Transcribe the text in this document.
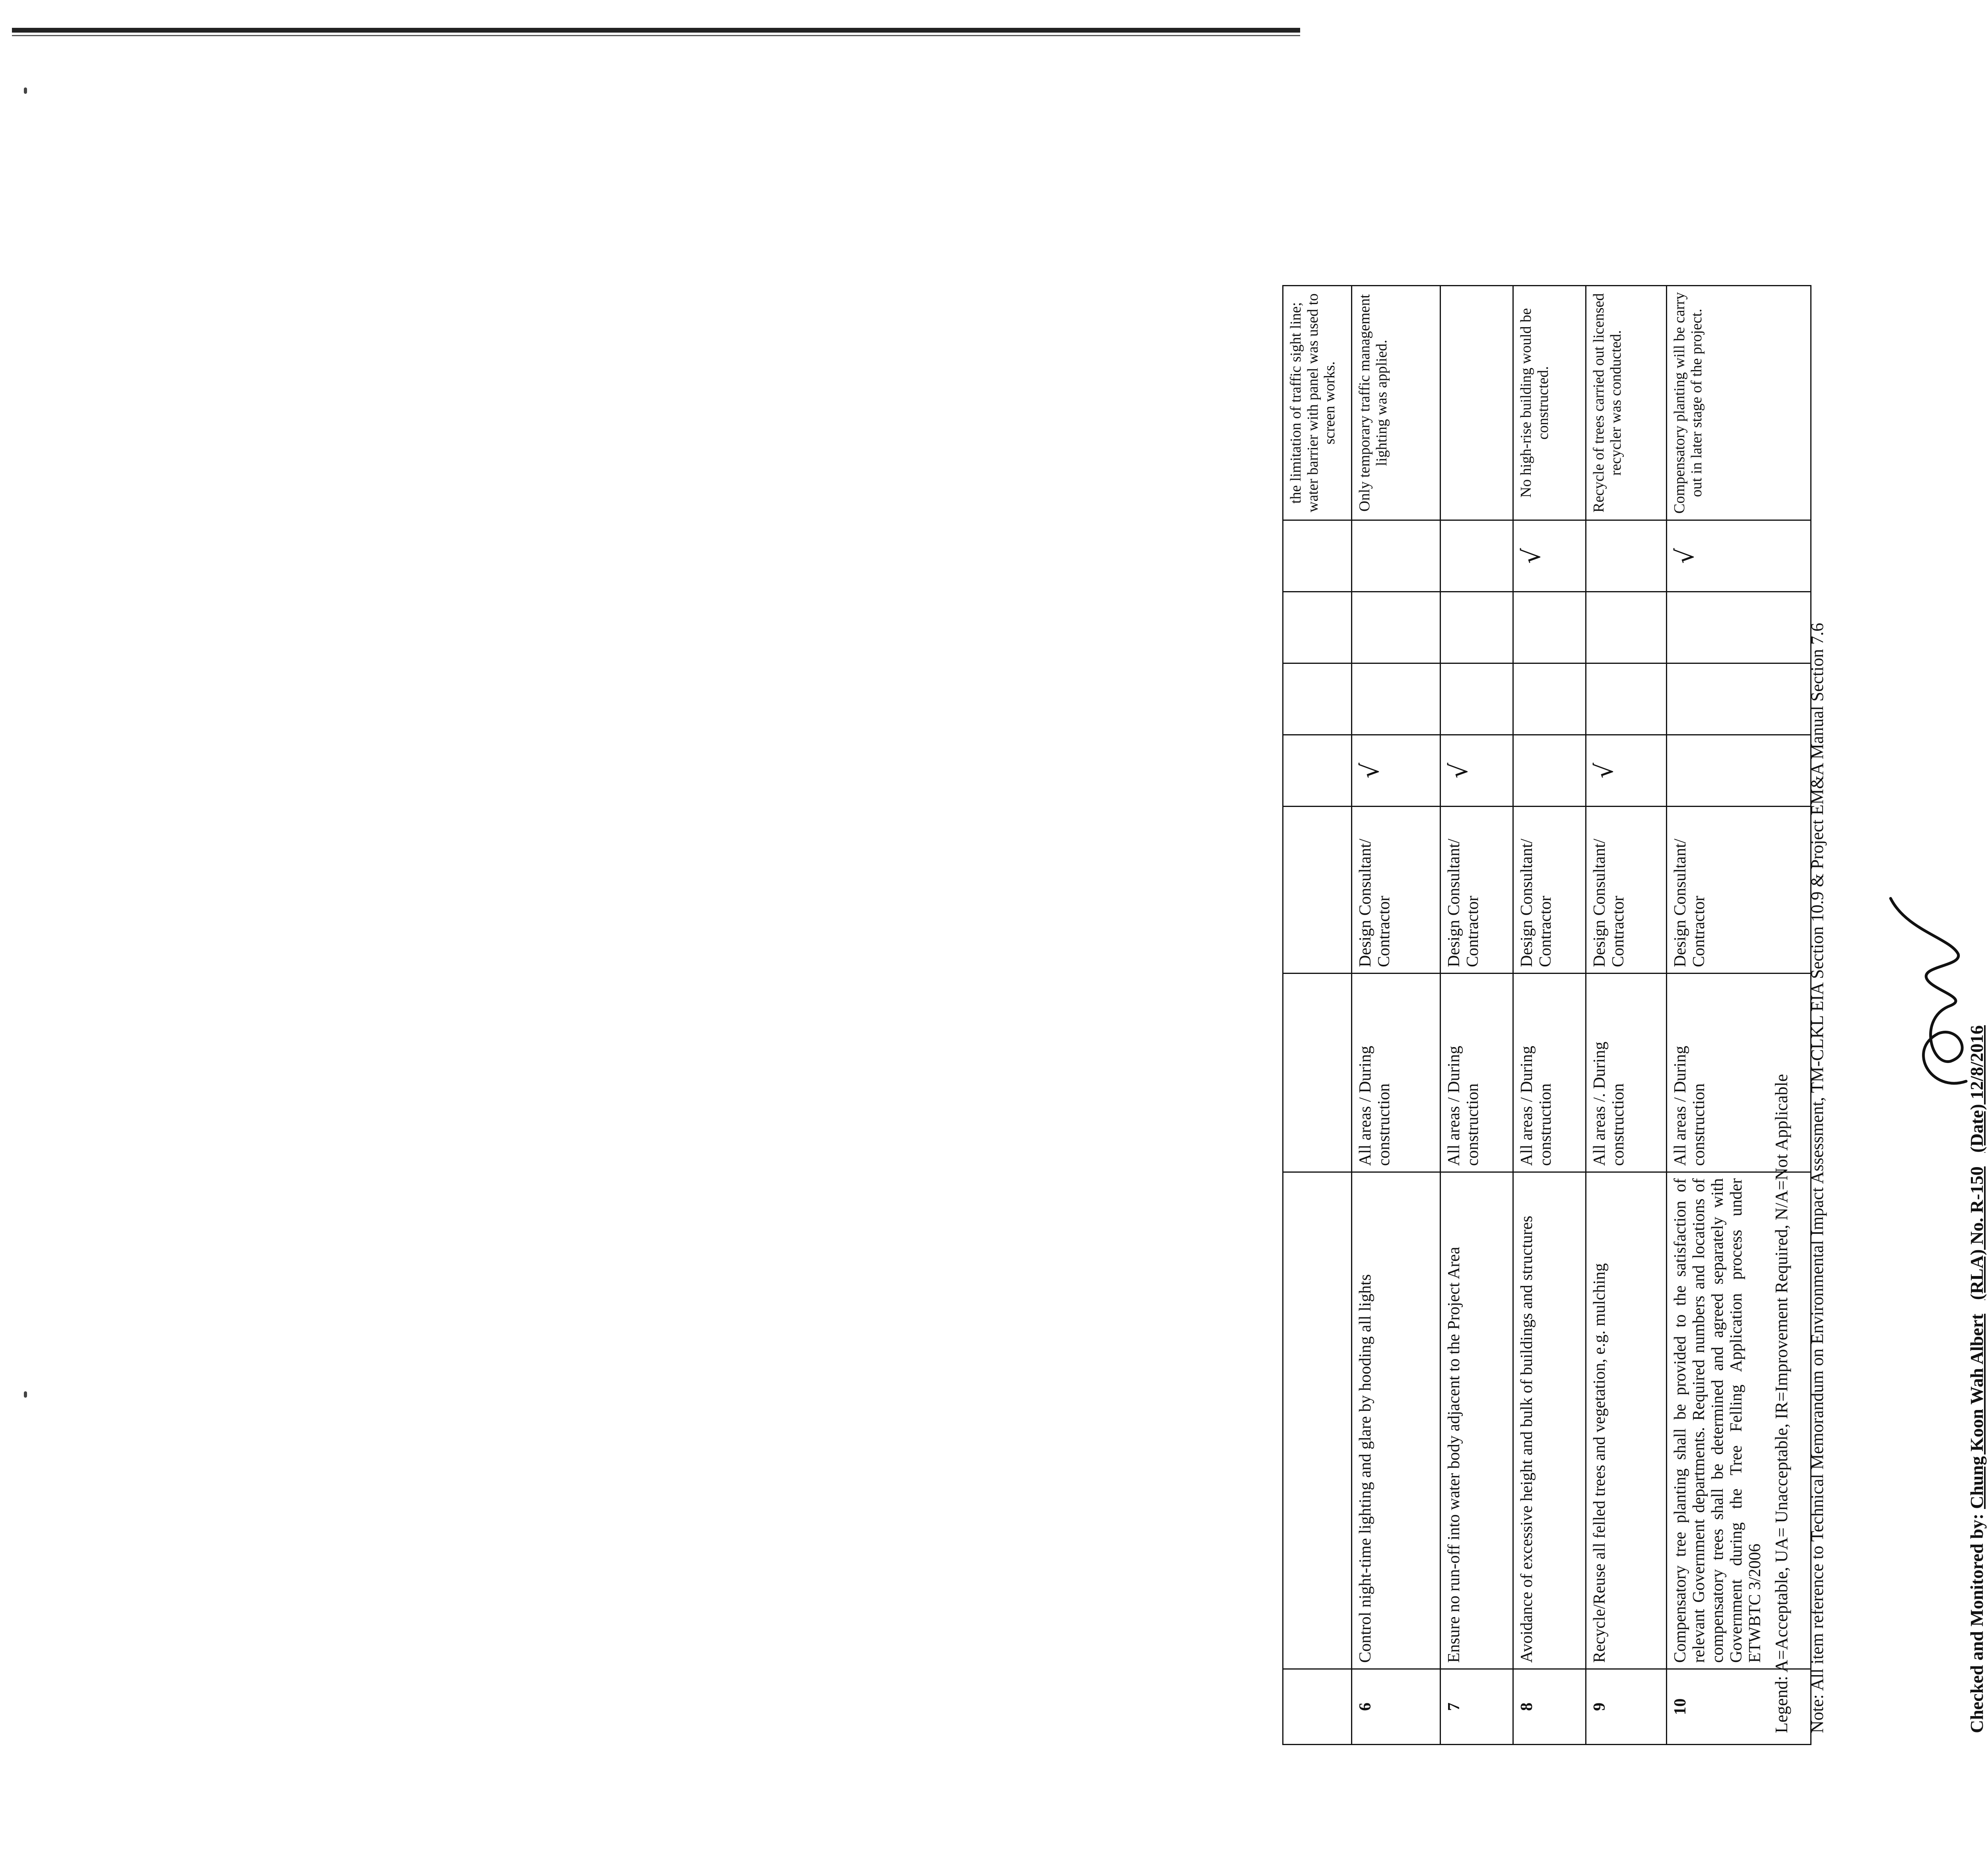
								the limitation of traffic sight line; water barrier with panel was used to screen works.
6	Control night-time lighting and glare by hooding all lights	All areas / During construction	Design Consultant/ Contractor	√				Only temporary traffic management lighting was applied.
7	Ensure no run-off into water body adjacent to the Project Area	All areas / During construction	Design Consultant/ Contractor	√				
8	Avoidance of excessive height and bulk of buildings and structures	All areas / During construction	Design Consultant/ Contractor				√	No high-rise building would be constructed.
9	Recycle/Reuse all felled trees and vegetation, e.g. mulching	All areas /. During construction	Design Consultant/ Contractor	√				Recycle of trees carried out licensed recycler was conducted.
10	Compensatory tree planting shall be provided to the satisfaction of relevant Government departments. Required numbers and locations of compensatory trees shall be determined and agreed separately with Government during the Tree Felling Application process under ETWBTC 3/2006	All areas / During construction	Design Consultant/ Contractor				√	Compensatory planting will be carry out in later stage of the project.
Legend: A=Acceptable, UA= Unacceptable, IR=Improvement Required, N/A=Not Applicable Note: All item reference to Technical Memorandum on Environmental Impact Assessment, TM-CLKL EIA Section 10.9 & Project EM&A Manual Section 7.6	Checked and Monitored by: Chung Koon Wah Albert   (RLA) No. R-150   (Date) 12/8/2016
